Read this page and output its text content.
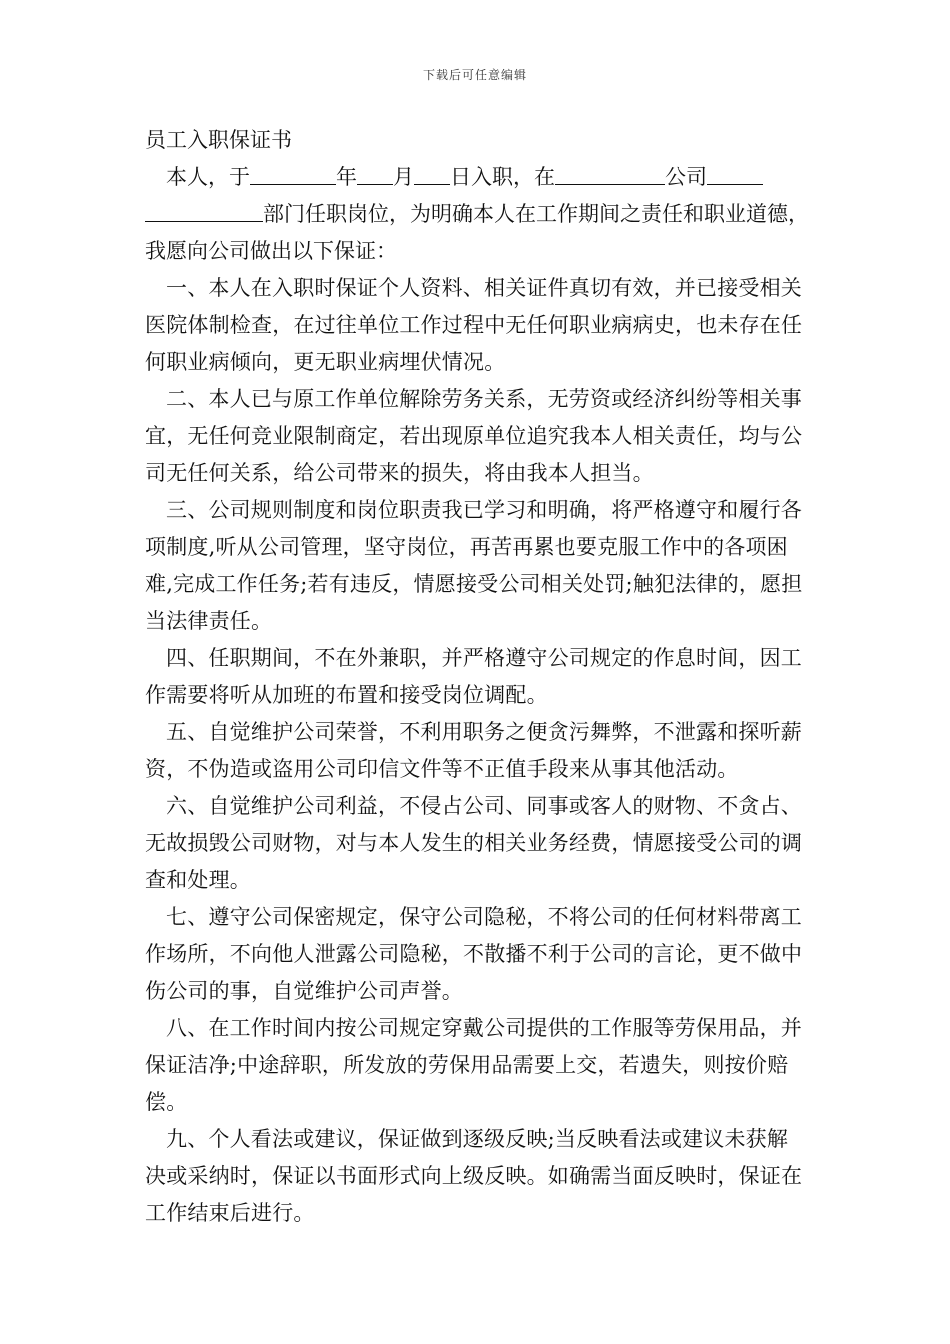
下载后可任意编辑
员工入职保证书

本人，于	年 月 日入职，在	公司部门任职岗位，为明确本人在工作期间之责任和职业道德，我愿向公司做出以下保证：

一、本人在入职时保证个人资料、相关证件真切有效，并已接受相关医院体制检查，在过往单位工作过程中无任何职业病病史，也未存在任何职业病倾向，更无职业病埋伏情况。

二、本人已与原工作单位解除劳务关系，无劳资或经济纠纷等相关事宜，无任何竞业限制商定，若出现原单位追究我本人相关责任，均与公司无任何关系，给公司带来的损失，将由我本人担当。

三、公司规则制度和岗位职责我已学习和明确，将严格遵守和履行各项制度,听从公司管理，坚守岗位，再苦再累也要克服工作中的各项困难,完成工作任务;若有违反，情愿接受公司相关处罚;触犯法律的，愿担当法律责任。

四、任职期间，不在外兼职，并严格遵守公司规定的作息时间，因工作需要将听从加班的布置和接受岗位调配。

五、自觉维护公司荣誉，不利用职务之便贪污舞弊，不泄露和探听薪资，不伪造或盗用公司印信文件等不正值手段来从事其他活动。

六、自觉维护公司利益，不侵占公司、同事或客人的财物、不贪占、无故损毁公司财物，对与本人发生的相关业务经费，情愿接受公司的调查和处理。

七、遵守公司保密规定，保守公司隐秘，不将公司的任何材料带离工作场所，不向他人泄露公司隐秘，不散播不利于公司的言论，更不做中伤公司的事，自觉维护公司声誉。

八、在工作时间内按公司规定穿戴公司提供的工作服等劳保用品，并保证洁净;中途辞职，所发放的劳保用品需要上交，若遗失，则按价赔偿。

九、个人看法或建议，保证做到逐级反映;当反映看法或建议未获解决或采纳时，保证以书面形式向上级反映。如确需当面反映时，保证在工作结束后进行。
